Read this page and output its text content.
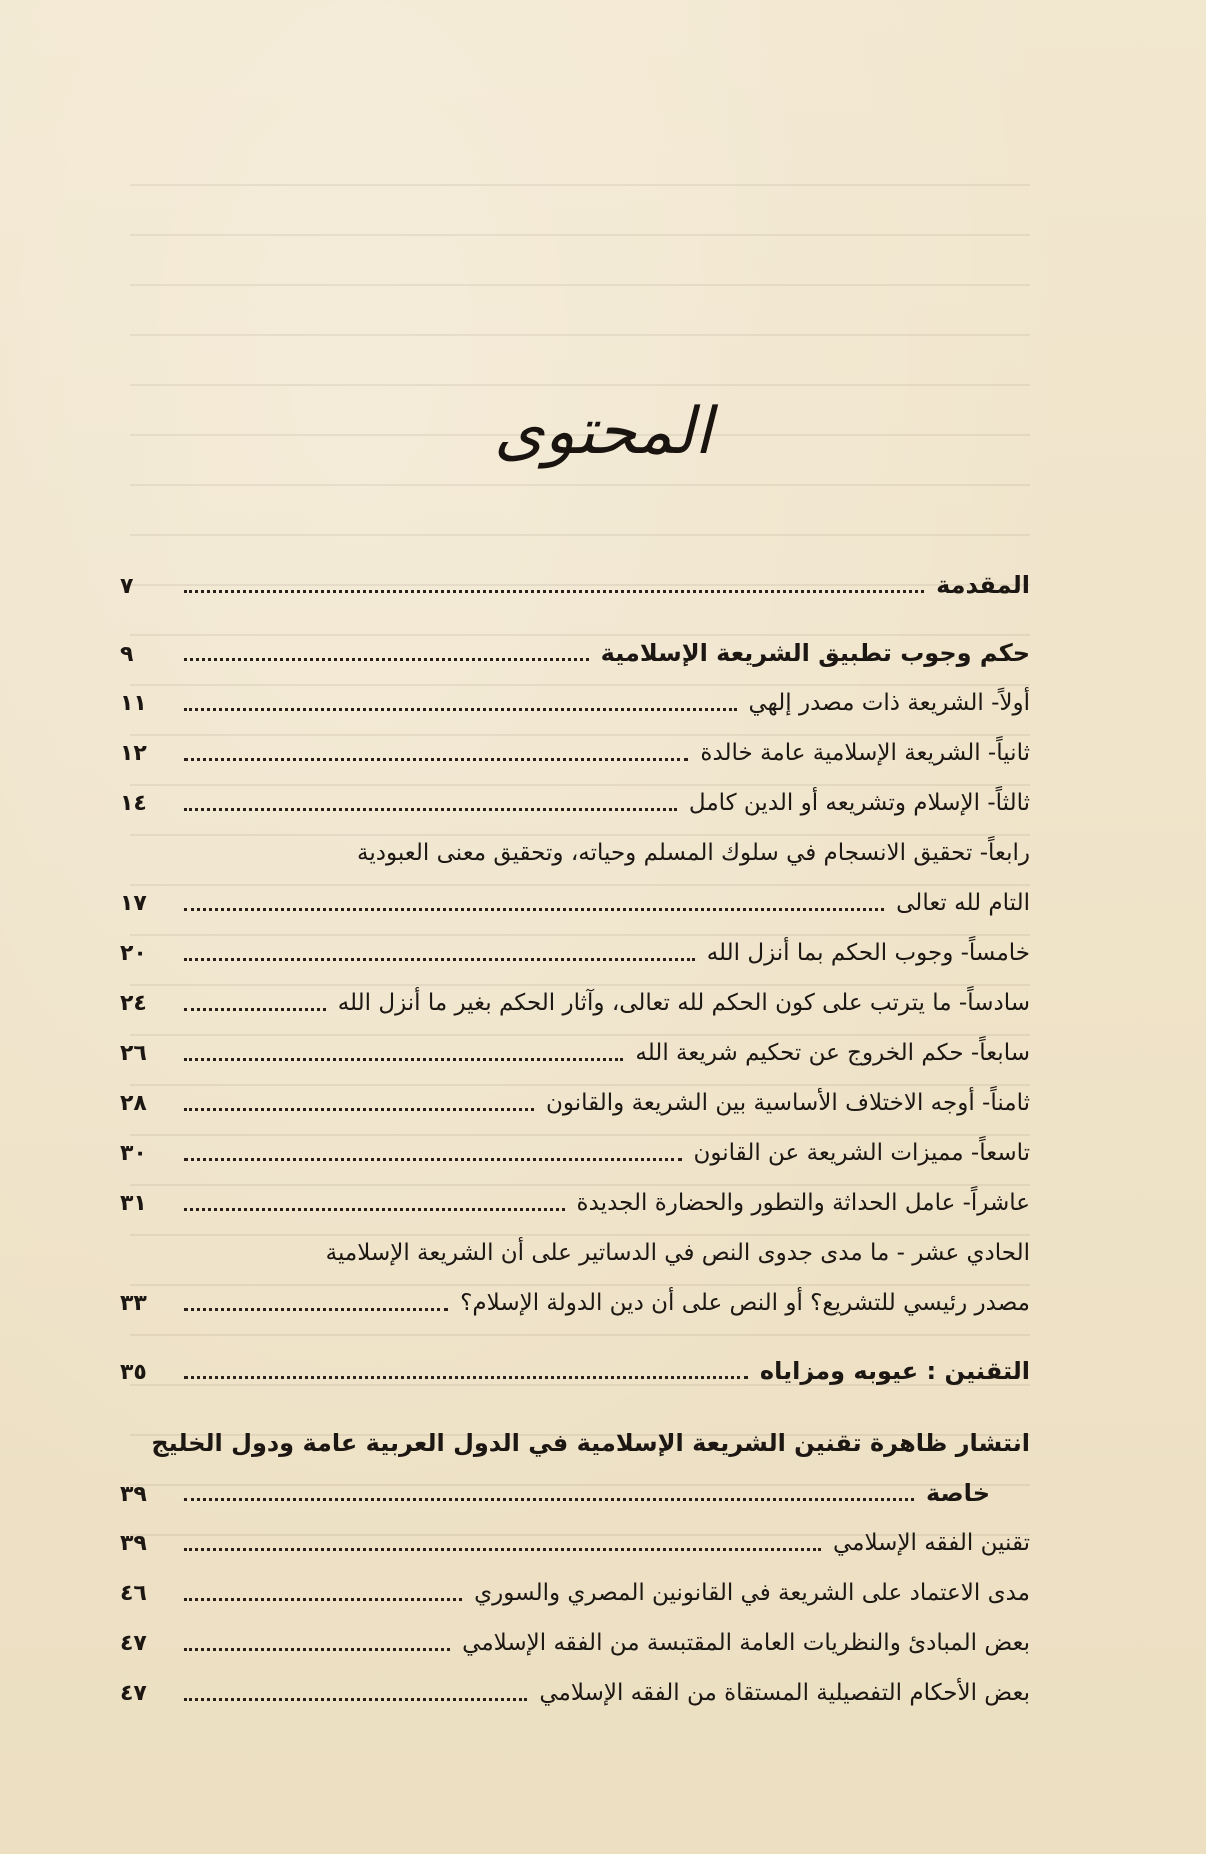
المحتوى
المقدمة
٧
حكم وجوب تطبيق الشريعة الإسلامية
٩
أولاً- الشريعة ذات مصدر إلهي
١١
ثانياً- الشريعة الإسلامية عامة خالدة
١٢
ثالثاً- الإسلام وتشريعه أو الدين كامل
١٤
رابعاً- تحقيق الانسجام في سلوك المسلم وحياته، وتحقيق معنى العبودية
التام لله تعالى
١٧
خامساً- وجوب الحكم بما أنزل الله
٢٠
سادساً- ما يترتب على كون الحكم لله تعالى، وآثار الحكم بغير ما أنزل الله
٢٤
سابعاً- حكم الخروج عن تحكيم شريعة الله
٢٦
ثامناً- أوجه الاختلاف الأساسية بين الشريعة والقانون
٢٨
تاسعاً- مميزات الشريعة عن القانون
٣٠
عاشراً- عامل الحداثة والتطور والحضارة الجديدة
٣١
الحادي عشر - ما مدى جدوى النص في الدساتير على أن الشريعة الإسلامية
مصدر رئيسي للتشريع؟ أو النص على أن دين الدولة الإسلام؟
٣٣
التقنين : عيوبه ومزاياه
٣٥
انتشار ظاهرة تقنين الشريعة الإسلامية في الدول العربية عامة ودول الخليج
خاصة
٣٩
تقنين الفقه الإسلامي
٣٩
مدى الاعتماد على الشريعة في القانونين المصري والسوري
٤٦
بعض المبادئ والنظريات العامة المقتبسة من الفقه الإسلامي
٤٧
بعض الأحكام التفصيلية المستقاة من الفقه الإسلامي
٤٧
